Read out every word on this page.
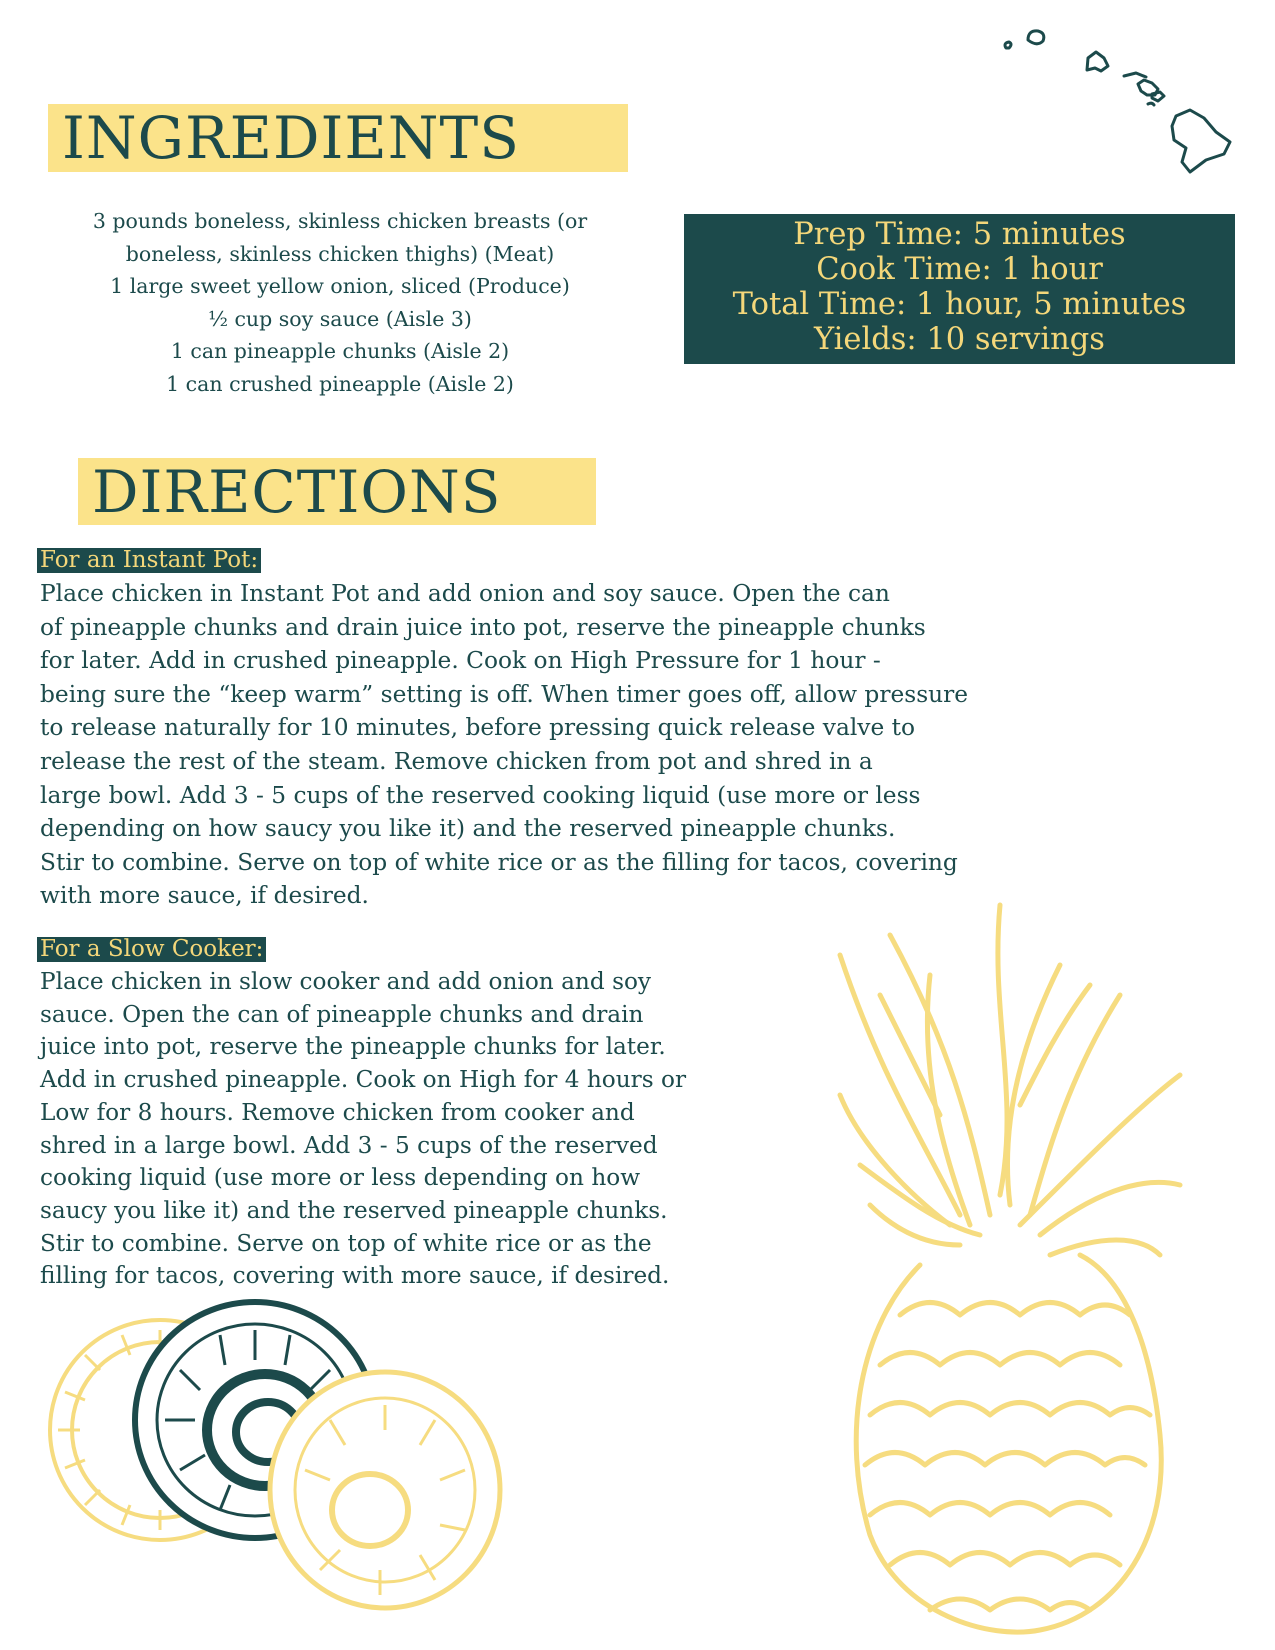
INGREDIENTS
3 pounds boneless, skinless chicken breasts (or
boneless, skinless chicken thighs) (Meat)
1 large sweet yellow onion, sliced (Produce)
½ cup soy sauce (Aisle 3)
1 can pineapple chunks (Aisle 2)
1 can crushed pineapple (Aisle 2)
Prep Time: 5 minutes
Cook Time: 1 hour
Total Time: 1 hour, 5 minutes
Yields: 10 servings
DIRECTIONS
For an Instant Pot:
Place chicken in Instant Pot and add onion and soy sauce. Open the can
of pineapple chunks and drain juice into pot, reserve the pineapple chunks
for later. Add in crushed pineapple. Cook on High Pressure for 1 hour -
being sure the “keep warm” setting is off. When timer goes off, allow pressure
to release naturally for 10 minutes, before pressing quick release valve to
release the rest of the steam. Remove chicken from pot and shred in a
large bowl. Add 3 - 5 cups of the reserved cooking liquid (use more or less
depending on how saucy you like it) and the reserved pineapple chunks.
Stir to combine. Serve on top of white rice or as the filling for tacos, covering
with more sauce, if desired.
For a Slow Cooker:
Place chicken in slow cooker and add onion and soy
sauce. Open the can of pineapple chunks and drain
juice into pot, reserve the pineapple chunks for later.
Add in crushed pineapple. Cook on High for 4 hours or
Low for 8 hours. Remove chicken from cooker and
shred in a large bowl. Add 3 - 5 cups of the reserved
cooking liquid (use more or less depending on how
saucy you like it) and the reserved pineapple chunks.
Stir to combine. Serve on top of white rice or as the
filling for tacos, covering with more sauce, if desired.
